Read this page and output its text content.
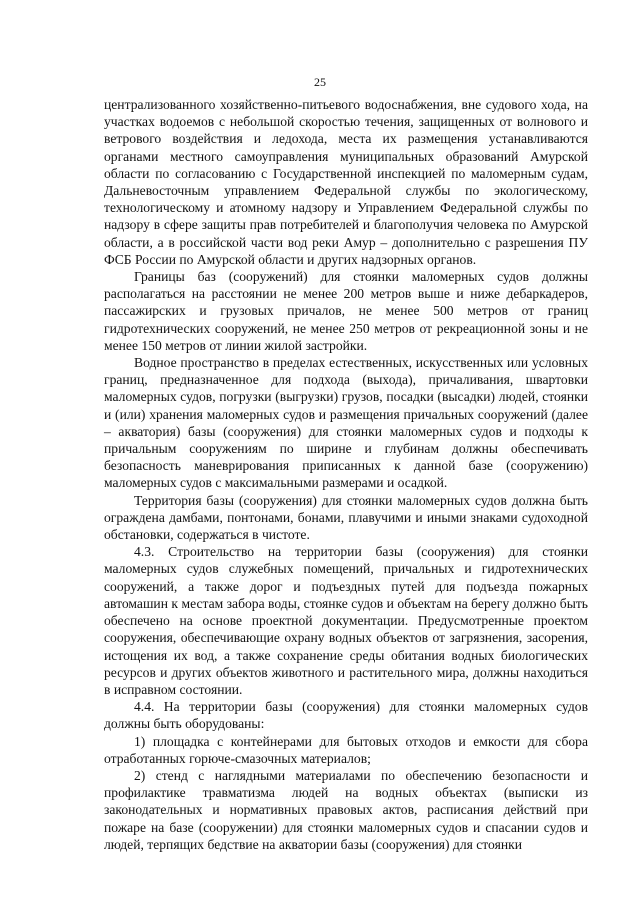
25

централизованного хозяйственно-питьевого водоснабжения, вне судового хода, на участках водоемов с небольшой скоростью течения, защищенных от волнового и ветрового воздействия и ледохода, места их размещения устанавливаются органами местного самоуправления муниципальных образований Амурской области по согласованию с Государственной инспекцией по маломерным судам, Дальневосточным управлением Федеральной службы по экологическому, технологическому и атомному надзору и Управлением Федеральной службы по надзору в сфере защиты прав потребителей и благополучия человека по Амурской области, а в российской части вод реки Амур – дополнительно с разрешения ПУ ФСБ России по Амурской области и других надзорных органов.

Границы баз (сооружений) для стоянки маломерных судов должны располагаться на расстоянии не менее 200 метров выше и ниже дебаркадеров, пассажирских и грузовых причалов, не менее 500 метров от границ гидротехнических сооружений, не менее 250 метров от рекреационной зоны и не менее 150 метров от линии жилой застройки.

Водное пространство в пределах естественных, искусственных или условных границ, предназначенное для подхода (выхода), причаливания, швартовки маломерных судов, погрузки (выгрузки) грузов, посадки (высадки) людей, стоянки и (или) хранения маломерных судов и размещения причальных сооружений (далее – акватория) базы (сооружения) для стоянки маломерных судов и подходы к причальным сооружениям по ширине и глубинам должны обеспечивать безопасность маневрирования приписанных к данной базе (сооружению) маломерных судов с максимальными размерами и осадкой.

Территория базы (сооружения) для стоянки маломерных судов должна быть ограждена дамбами, понтонами, бонами, плавучими и иными знаками судоходной обстановки, содержаться в чистоте.

4.3. Строительство на территории базы (сооружения) для стоянки маломерных судов служебных помещений, причальных и гидротехнических сооружений, а также дорог и подъездных путей для подъезда пожарных автомашин к местам забора воды, стоянке судов и объектам на берегу должно быть обеспечено на основе проектной документации. Предусмотренные проектом сооружения, обеспечивающие охрану водных объектов от загрязнения, засорения, истощения их вод, а также сохранение среды обитания водных биологических ресурсов и других объектов животного и растительного мира, должны находиться в исправном состоянии.

4.4. На территории базы (сооружения) для стоянки маломерных судов должны быть оборудованы:

1) площадка с контейнерами для бытовых отходов и емкости для сбора отработанных горюче-смазочных материалов;

2) стенд с наглядными материалами по обеспечению безопасности и профилактике травматизма людей на водных объектах (выписки из законодательных и нормативных правовых актов, расписания действий при пожаре на базе (сооружении) для стоянки маломерных судов и спасании судов и людей, терпящих бедствие на акватории базы (сооружения) для стоянки
